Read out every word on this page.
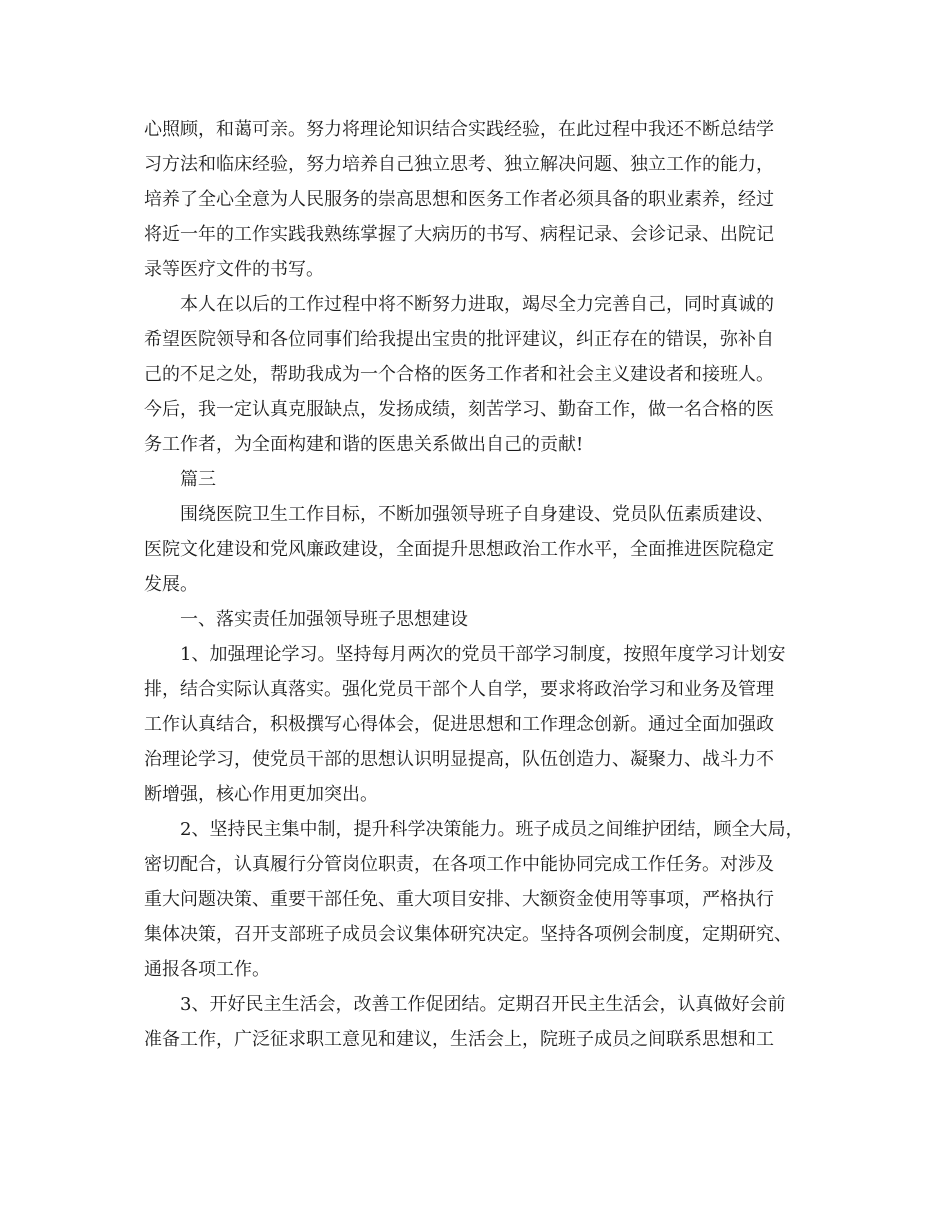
心照顾，和蔼可亲。努力将理论知识结合实践经验，在此过程中我还不断总结学
习方法和临床经验，努力培养自己独立思考、独立解决问题、独立工作的能力，
培养了全心全意为人民服务的崇高思想和医务工作者必须具备的职业素养，经过
将近一年的工作实践我熟练掌握了大病历的书写、病程记录、会诊记录、出院记
录等医疗文件的书写。
本人在以后的工作过程中将不断努力进取，竭尽全力完善自己，同时真诚的
希望医院领导和各位同事们给我提出宝贵的批评建议，纠正存在的错误，弥补自
己的不足之处，帮助我成为一个合格的医务工作者和社会主义建设者和接班人。
今后，我一定认真克服缺点，发扬成绩，刻苦学习、勤奋工作，做一名合格的医
务工作者，为全面构建和谐的医患关系做出自己的贡献!
篇三
围绕医院卫生工作目标，不断加强领导班子自身建设、党员队伍素质建设、
医院文化建设和党风廉政建设，全面提升思想政治工作水平，全面推进医院稳定
发展。
一、落实责任加强领导班子思想建设
1、加强理论学习。坚持每月两次的党员干部学习制度，按照年度学习计划安
排，结合实际认真落实。强化党员干部个人自学，要求将政治学习和业务及管理
工作认真结合，积极撰写心得体会，促进思想和工作理念创新。通过全面加强政
治理论学习，使党员干部的思想认识明显提高，队伍创造力、凝聚力、战斗力不
断增强，核心作用更加突出。
2、坚持民主集中制，提升科学决策能力。班子成员之间维护团结，顾全大局，
密切配合，认真履行分管岗位职责，在各项工作中能协同完成工作任务。对涉及
重大问题决策、重要干部任免、重大项目安排、大额资金使用等事项，严格执行
集体决策，召开支部班子成员会议集体研究决定。坚持各项例会制度，定期研究、
通报各项工作。
3、开好民主生活会，改善工作促团结。定期召开民主生活会，认真做好会前
准备工作，广泛征求职工意见和建议，生活会上，院班子成员之间联系思想和工
